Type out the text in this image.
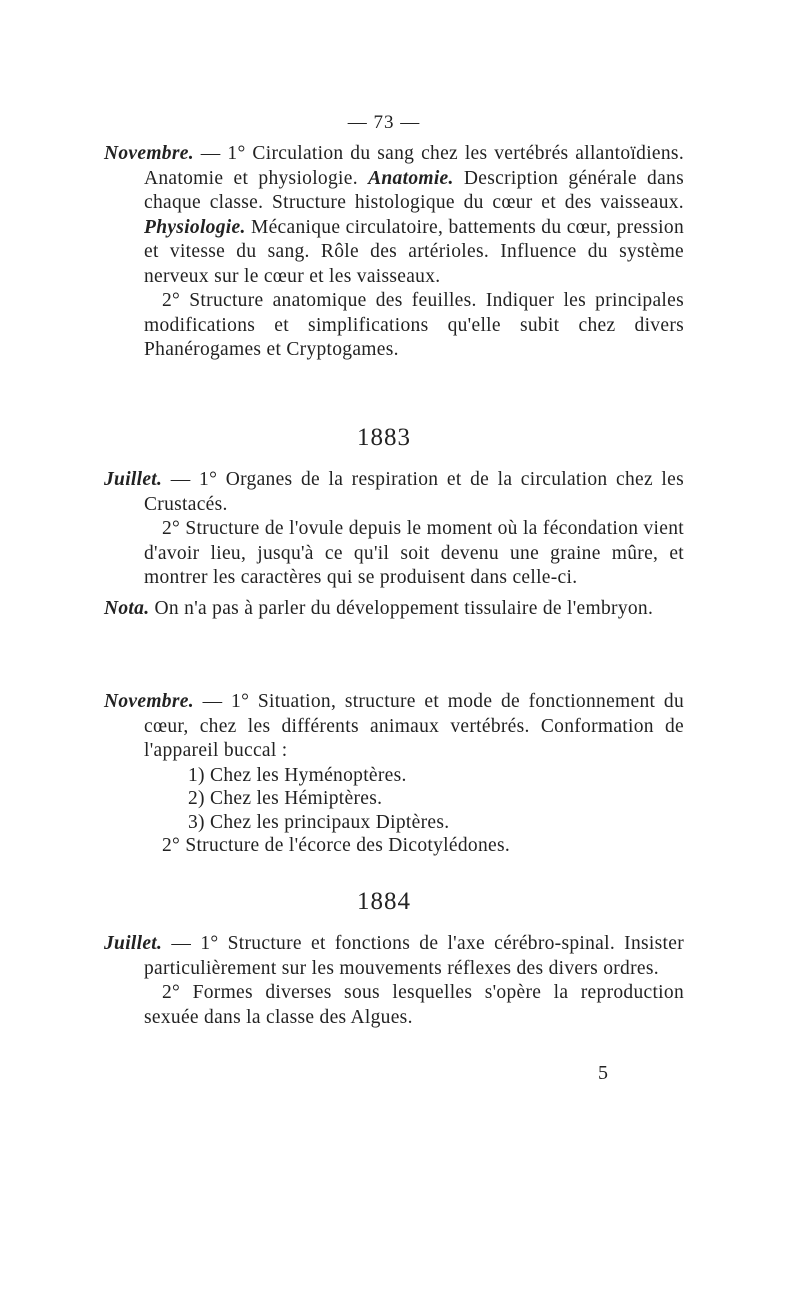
— 73 —

Novembre. — 1° Circulation du sang chez les vertébrés allantoïdiens. Anatomie et physiologie. Anatomie. Description générale dans chaque classe. Structure histologique du cœur et des vaisseaux. Physiologie. Mécanique circulatoire, battements du cœur, pression et vitesse du sang. Rôle des artérioles. Influence du système nerveux sur le cœur et les vaisseaux.

2° Structure anatomique des feuilles. Indiquer les principales modifications et simplifications qu'elle subit chez divers Phanérogames et Cryptogames.

1883

Juillet. — 1° Organes de la respiration et de la circulation chez les Crustacés.

2° Structure de l'ovule depuis le moment où la fécondation vient d'avoir lieu, jusqu'à ce qu'il soit devenu une graine mûre, et montrer les caractères qui se produisent dans celle-ci.

Nota. On n'a pas à parler du développement tissulaire de l'embryon.

Novembre. — 1° Situation, structure et mode de fonctionnement du cœur, chez les différents animaux vertébrés. Conformation de l'appareil buccal :

1) Chez les Hyménoptères.

2) Chez les Hémiptères.

3) Chez les principaux Diptères.

2° Structure de l'écorce des Dicotylédones.

1884

Juillet. — 1° Structure et fonctions de l'axe cérébro-spinal. Insister particulièrement sur les mouvements réflexes des divers ordres.

2° Formes diverses sous lesquelles s'opère la reproduction sexuée dans la classe des Algues.

5
